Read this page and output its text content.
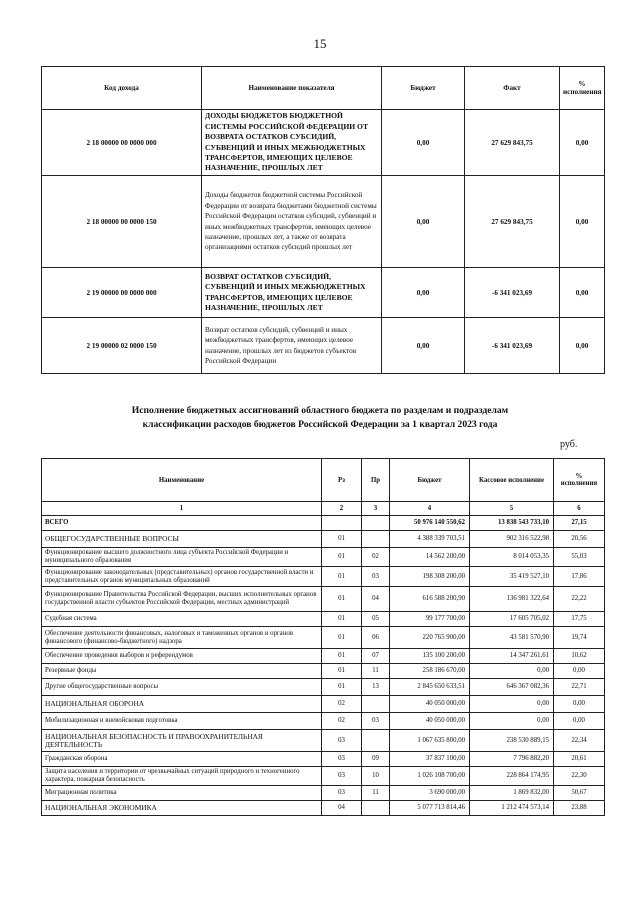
15
Код дохода	Наименование показателя	Бюджет	Факт	% исполнения
2 18 00000 00 0000 000	ДОХОДЫ БЮДЖЕТОВ БЮДЖЕТНОЙ СИСТЕМЫ РОССИЙСКОЙ ФЕДЕРАЦИИ ОТ ВОЗВРАТА ОСТАТКОВ СУБСИДИЙ, СУБВЕНЦИЙ И ИНЫХ МЕЖБЮДЖЕТНЫХ ТРАНСФЕРТОВ, ИМЕЮЩИХ ЦЕЛЕВОЕ НАЗНАЧЕНИЕ, ПРОШЛЫХ ЛЕТ	0,00	27 629 843,75	0,00
2 18 00000 00 0000 150	Доходы бюджетов бюджетной системы Российской Федерации от возврата бюджетами бюджетной системы Российской Федерации остатков субсидий, субвенций и иных межбюджетных трансфертов, имеющих целевое назначение, прошлых лет, а также от возврата организациями остатков субсидий прошлых лет	0,00	27 629 843,75	0,00
2 19 00000 00 0000 000	ВОЗВРАТ ОСТАТКОВ СУБСИДИЙ, СУБВЕНЦИЙ И ИНЫХ МЕЖБЮДЖЕТНЫХ ТРАНСФЕРТОВ, ИМЕЮЩИХ ЦЕЛЕВОЕ НАЗНАЧЕНИЕ, ПРОШЛЫХ ЛЕТ	0,00	-6 341 023,69	0,00
2 19 00000 02 0000 150	Возврат остатков субсидий, субвенций и иных межбюджетных трансфертов, имеющих целевое назначение, прошлых лет из бюджетов субъектов Российской Федерации	0,00	-6 341 023,69	0,00
Исполнение бюджетных ассигнований областного бюджета по разделам и подразделам
классификации расходов бюджетов Российской Федерации за 1 квартал 2023 года
руб.
Наименование	Рз	Пр	Бюджет	Кассовое исполнение	% исполнения
1	2	3	4	5	6
ВСЕГО			50 976 140 550,62	13 838 543 733,10	27,15
ОБЩЕГОСУДАРСТВЕННЫЕ ВОПРОСЫ	01		4 388 339 703,51	902 316 522,98	20,56
Функционирование высшего должностного лица субъекта Российской Федерации и муниципального образования	01	02	14 562 200,00	8 014 053,35	55,03
Функционирование законодательных (представительных) органов государственной власти и представительных органов муниципальных образований	01	03	198 308 200,00	35 419 527,10	17,86
Функционирование Правительства Российской Федерации, высших исполнительных органов государственной власти субъектов Российской Федерации, местных администраций	01	04	616 588 200,90	136 981 322,64	22,22
Судебная система	01	05	99 177 700,00	17 605 705,02	17,75
Обеспечение деятельности финансовых, налоговых и таможенных органов и органов финансового (финансово-бюджетного) надзора	01	06	220 765 900,00	43 581 570,90	19,74
Обеспечение проведения выборов и референдумов	01	07	135 100 200,00	14 347 261,61	10,62
Резервные фонды	01	11	258 186 670,00	0,00	0,00
Другие общегосударственные вопросы	01	13	2 845 650 633,51	646 367 082,36	22,71
НАЦИОНАЛЬНАЯ ОБОРОНА	02		40 050 000,00	0,00	0,00
Мобилизационная и вневойсковая подготовка	02	03	40 050 000,00	0,00	0,00
НАЦИОНАЛЬНАЯ БЕЗОПАСНОСТЬ И ПРАВООХРАНИТЕЛЬНАЯ ДЕЯТЕЛЬНОСТЬ	03		1 067 635 800,00	238 530 889,15	22,34
Гражданская оборона	03	09	37 837 100,00	7 796 882,20	20,61
Защита населения и территории от чрезвычайных ситуаций природного и техногенного характера, пожарная безопасность	03	10	1 026 108 700,00	228 864 174,95	22,30
Миграционная политика	03	11	3 690 000,00	1 869 832,00	50,67
НАЦИОНАЛЬНАЯ ЭКОНОМИКА	04		5 077 713 814,46	1 212 474 573,14	23,88
